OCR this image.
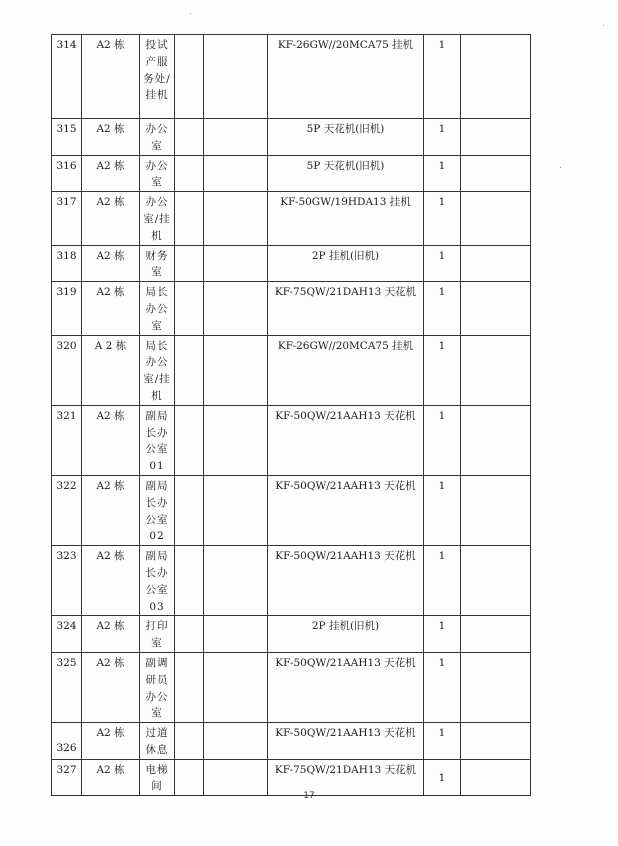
314	A2 栋	投试产服务处/挂机			KF-26GW//20MCA75 挂机	1	
315	A2 栋	办公室			5P 天花机(旧机)	1	
316	A2 栋	办公室			5P 天花机(旧机)	1	
317	A2 栋	办公室/挂机			KF-50GW/19HDA13 挂机	1	
318	A2 栋	财务室			2P 挂机(旧机)	1	
319	A2 栋	局长办公室			KF-75QW/21DAH13 天花机	1	
320	A 2 栋	局长办公室/挂机			KF-26GW//20MCA75 挂机	1	
321	A2 栋	副局长办公室01			KF-50QW/21AAH13 天花机	1	
322	A2 栋	副局长办公室02			KF-50QW/21AAH13 天花机	1	
323	A2 栋	副局长办公室03			KF-50QW/21AAH13 天花机	1	
324	A2 栋	打印室			2P 挂机(旧机)	1	
325	A2 栋	副调研员办公室			KF-50QW/21AAH13 天花机	1	
326	A2 栋	过道休息			KF-50QW/21AAH13 天花机	1	
327	A2 栋	电梯间			KF-75QW/21DAH13 天花机	1	
17
